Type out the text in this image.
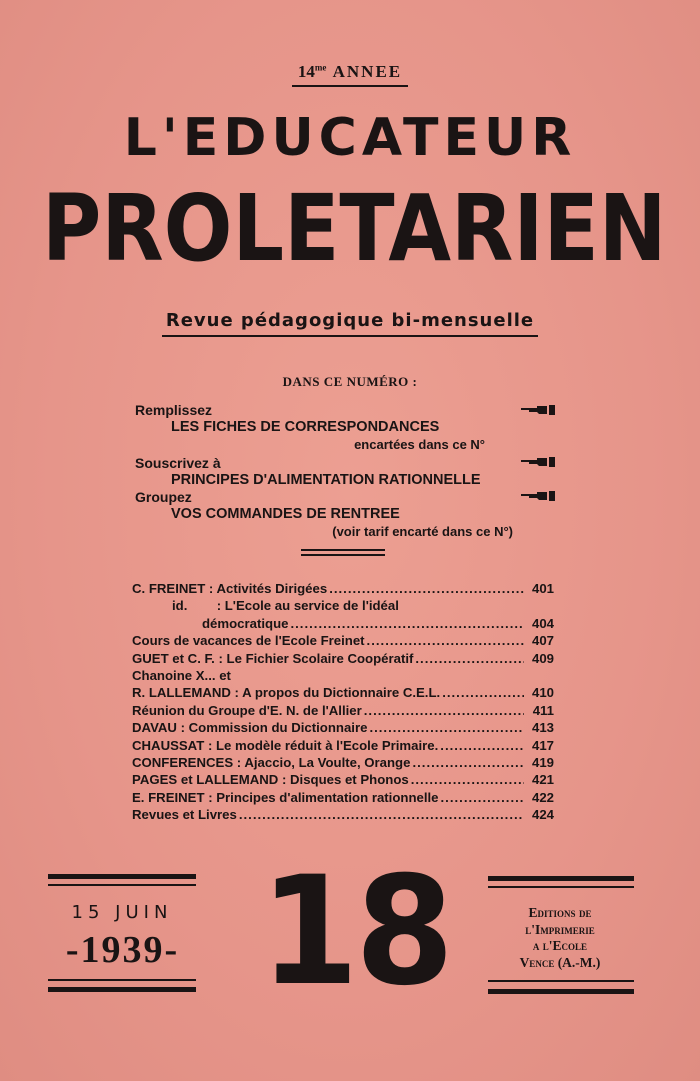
$14^{me}$ ANNEE
L'EDUCATEUR
PROLETARIEN
Revue pédagogique bi-mensuelle
DANS CE NUMÉRO :
Remplissez
LES FICHES DE CORRESPONDANCES
encartées dans ce N°
Souscrivez à
PRINCIPES D'ALIMENTATION RATIONNELLE
Groupez
VOS COMMANDES DE RENTREE
(voir tarif encarté dans ce N°)
C. FREINET : Activités Dirigées .....	401
id.        : L'Ecole au service de l'idéal
démocratique .....	404
Cours de vacances de l'Ecole Freinet .....	407
GUET et C. F. : Le Fichier Scolaire Coopératif .....	409
Chanoine X... et
R. LALLEMAND : A propos du Dictionnaire C.E.L. .....	410
Réunion du Groupe d'E. N. de l'Allier .....	411
DAVAU : Commission du Dictionnaire .....	413
CHAUSSAT : Le modèle réduit à l'Ecole Primaire. .....	417
CONFERENCES : Ajaccio, La Voulte, Orange .....	419
PAGES et LALLEMAND : Disques et Phonos .....	421
E. FREINET : Principes d'alimentation rationnelle .....	422
Revues et Livres .....	424
15 JUIN
-1939- 18	Editions de
l'Imprimerie
a l'Ecole
Vence (A.-M.)
